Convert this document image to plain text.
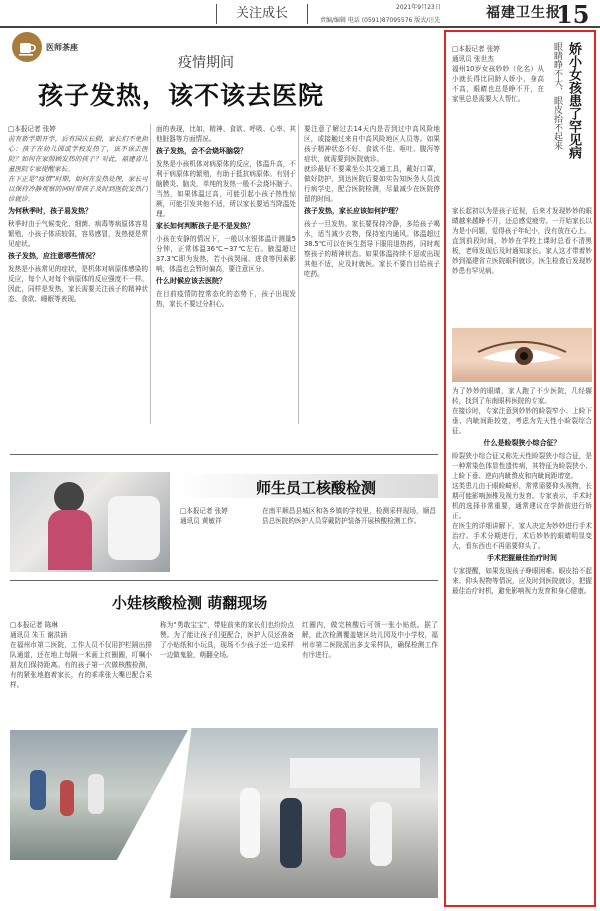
关注成长	2021年9月23日
责编/编辑 电话 (0591)87095576 版式/汪先	福建卫生报
15
医师茶座
疫情期间
孩子发热，该不该去医院
□本报记者 张婷
前有新学期开学，后有国庆长假，家长们不免担心：孩子在幼儿园或学校发热了，该不该去医院？如何在家照顾发热的孩子？对此，福建省儿童医院专家提醒家长。
在下正是“疫情”时期，如何在发热处理，家长可以保持冷静观察的同时带孩子及时到医院发热门诊就诊。
为何秋季时，孩子易发热？
秋季时由于气候变化、细菌、病毒等病原体容易繁殖，小孩子体质较弱，容易感冒，发热便是常见症状。
孩子发热，应注意哪些情况？
发热是小孩常见的症状，是机体对病原体感染的反应，每个人对每个病原体的反应强度不一样。因此，同样是发热，家长需要关注孩子的精神状态、食欲、睡眠等表现。
面的表现，比如，精神、食欲、呼吸、心率、其他脏器等方面情况。
孩子发热，会不会烧坏脑袋？
发热是小孩机体对病原体的反应，体温升高，不利于病原体的繁殖，有助于抵抗病原体。有别于脑膜炎、脑炎，单纯的发热一般不会烧坏脑子。当然，如果体温过高，可能引起小孩子热性惊厥，可能引发其他不适，所以家长要适当降温处理。
家长如何判断孩子是不是发热？
小孩在安静的情况下，一般以水银体温计测量5分钟，正常体温36℃~37℃左右。腋温超过37.3℃即为发热，若小孩哭闹、进食等因素影响，体温也会暂时偏高，要注意区分。
什么时候应该去医院？
在目前疫情防控常态化的态势下，孩子出现发热，家长不要过分担心。
要注意了解过去14天内是否到过中高风险地区，或接触过来自中高风险地区人员等。如果孩子精神状态不好、食欲不佳、呕吐、腹泻等症状，就需要到医院就诊。
就诊最好不要乘坐公共交通工具，戴好口罩，做好防护，到达医院后要如实告知医务人员流行病学史，配合医院检测，尽量减少在医院停留的时间。
孩子发热，家长应该如何护理？
孩子一旦发热，家长要保持冷静，多给孩子喝水，适当减少衣物，保持室内通风。体温超过38.5℃可以在医生指导下服用退热药，同时观察孩子的精神状态。如果体温持续不退或出现其他不适，应及时就医。家长不要盲目给孩子吃药。
师生员工核酸检测
□本报记者 张婷
通讯员 黄敏祥
在南平顺昌县城区和各乡镇的学校里，检测采样现场，顺昌县总医院的医护人员穿戴防护装备开展核酸检测工作。
小娃核酸检测 萌翻现场
□本报记者 陈琳
通讯员 朱玉 谢洪涵
在福州市第二医院，工作人员不仅用护栏隔出排队通道，还在地上每隔一米画上红圈圈，叮嘱小朋友们保持距离。有的孩子第一次做核酸检测，有的紧张地抱着家长，有的乖乖张大嘴巴配合采样。
称为“勇敢宝宝”，带娃前来的家长们也纷纷点赞。为了能让孩子们更配合，医护人员还准备了小贴纸和小玩具，现场不少孩子还一边采样一边做鬼脸，萌翻全场。
红圈内，做完核酸后可领一张小贴纸。据了解，此次检测覆盖辖区幼儿园及中小学校，福州市第二医院派出多支采样队，确保检测工作有序进行。
娇小女孩患了罕见病
眼睛睁不大、眼皮抬不起来
□本报记者 张婷
通讯员 张世杰
福州10岁女孩妙妙（化名）从小就长得比同龄人娇小，身高不高，眼睛也总是睁不开，在家里总是需要大人帮忙。
家长起初以为是孩子近视，后来才发现妙妙的眼睛越来越睁不开，还总感觉疲劳。一开始家长以为是小问题，觉得孩子年纪小，没有放在心上。
直到前段时间，妙妙在学校上课时总看不清黑板，老师发现后及时通知家长。家人这才带着妙妙到福建省立医院眼科就诊，医生检查后发现妙妙患有罕见病。
为了妙妙的眼睛，家人跑了不少医院，几经辗转，找到了东南眼科医院的专家。
在接诊时，专家注意到妙妙的睑裂窄小、上睑下垂、内眦间距较宽，考虑为先天性小睑裂综合征。
什么是睑裂狭小综合征？
睑裂狭小综合征又称先天性睑裂狭小综合征，是一种常染色体显性遗传病，其特征为睑裂狭小、上睑下垂、逆向内眦赘皮和内眦间距增宽。
这类患儿由于眼睑畸形，常常需要仰头视物，长期可能影响颈椎及视力发育。专家表示，手术时机的选择非常重要，通常建议在学龄前进行矫正。
在医生的详细讲解下，家人决定为妙妙进行手术治疗。手术分期进行，术后妙妙的眼睛明显变大，看东西也不再需要仰头了。
手术把握最佳治疗时间
专家提醒，如果发现孩子睁眼困难、眼皮抬不起来、仰头视物等情况，应及时到医院就诊，把握最佳治疗时机，避免影响视力发育和身心健康。
